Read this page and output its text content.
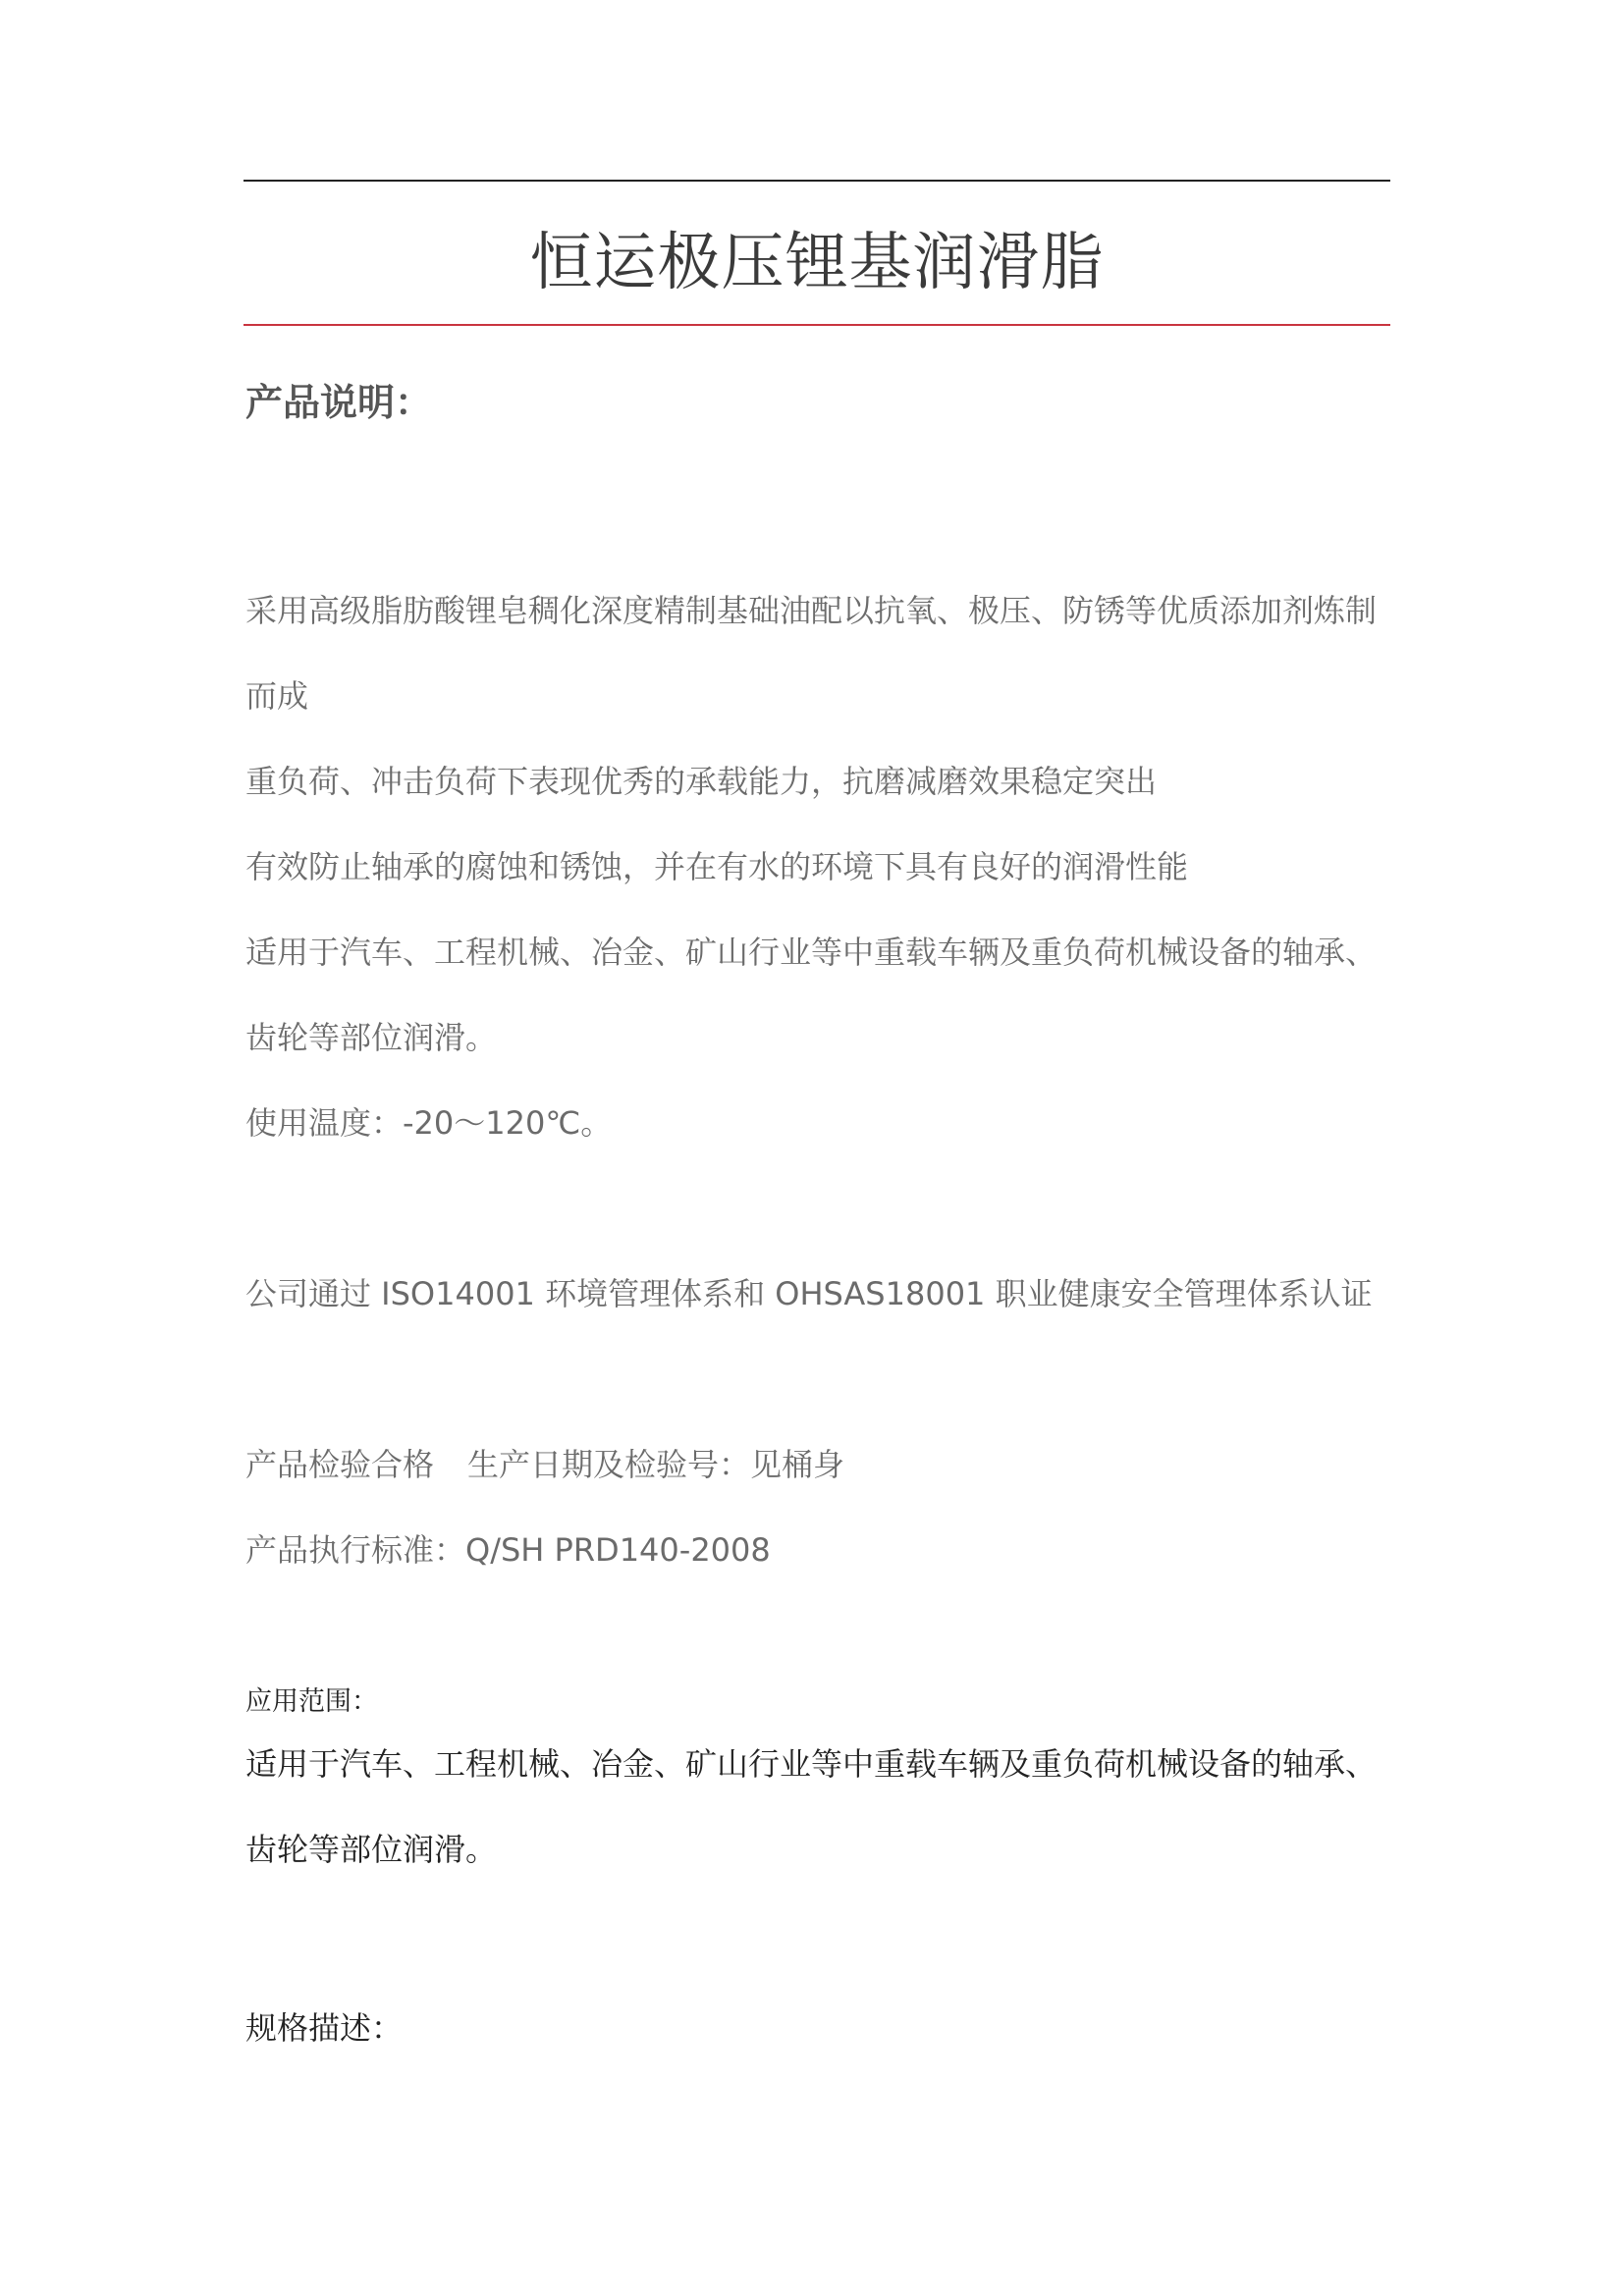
恒运极压锂基润滑脂
产品说明：
采用高级脂肪酸锂皂稠化深度精制基础油配以抗氧、极压、防锈等优质添加剂炼制
而成
重负荷、冲击负荷下表现优秀的承载能力，抗磨减磨效果稳定突出
有效防止轴承的腐蚀和锈蚀，并在有水的环境下具有良好的润滑性能
适用于汽车、工程机械、冶金、矿山行业等中重载车辆及重负荷机械设备的轴承、
齿轮等部位润滑。
使用温度：-20～120℃。
公司通过 ISO14001 环境管理体系和 OHSAS18001 职业健康安全管理体系认证
产品检验合格 生产日期及检验号：见桶身
产品执行标准：Q/SH PRD140-2008
应用范围：
适用于汽车、工程机械、冶金、矿山行业等中重载车辆及重负荷机械设备的轴承、
齿轮等部位润滑。
规格描述：
